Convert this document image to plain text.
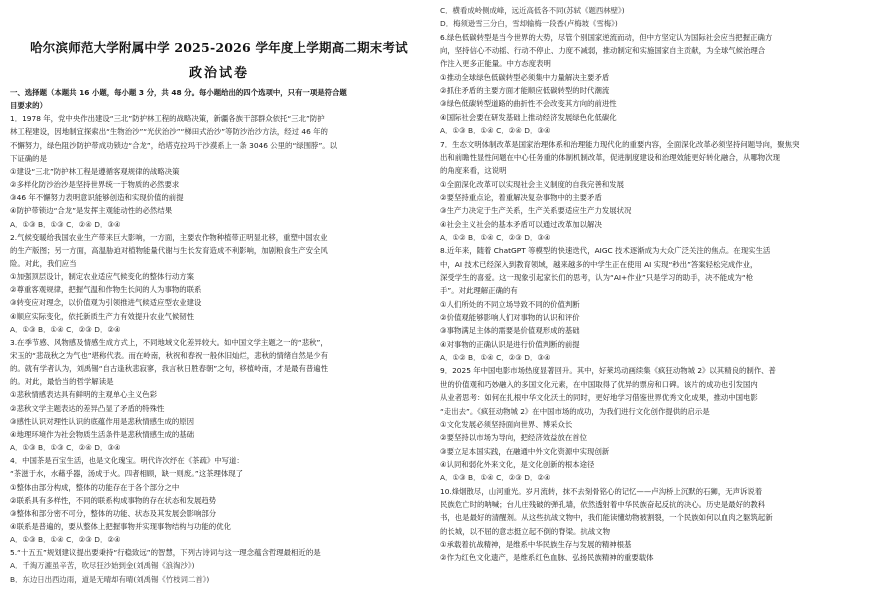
哈尔滨师范大学附属中学 2025-2026 学年度上学期高二期末考试
政治试卷
一、选择题（本题共 16 小题，每小题 3 分，共 48 分。每小题给出的四个选项中，只有一项是符合题
目要求的）
1．1978 年，党中央作出建设“三北”防护林工程的战略决策，新疆各族干部群众依托“三北”防护
林工程建设，因地制宜探索出“生物治沙”“光伏治沙”“梯田式治沙”等防沙治沙方法，经过 46 年的
不懈努力，绿色阻沙防护带成功锁边“合龙”，给塔克拉玛干沙漠系上一条 3046 公里的“绿围脖”。以
下证确的是
①建设“三北”防护林工程是遵循客观规律的战略决策
②多样化防沙治沙是坚持世界统一于物质的必然要求
③46 年不懈努力表明意识能够创造和实现价值的前提
④防护带锁边“合龙”是发挥主观能动性的必然结果
A．①③ B．①③ C．②④ D．③④
2.气候变暖给我国农业生产带来巨大影响，一方面，主要农作物种植带正明显北移，重塑中国农业
的生产版图；另一方面，高温胁迫对植物能量代谢与生长发育造成不利影响，加剧粮食生产安全风
险。对此，我们应当
①加强顶层设计，制定农业适应气候变化的整体行动方案
②尊重客观规律，把握气温和作物生长间的人为事物的联系
③转变应对理念，以价值观为引领推进气候适应型农业建设
④顺应实际变化，依托新质生产力有效提升农业气候韧性
A．①③ B．①④ C．②③ D．②④
3.在季节感、风物感及情感生成方式上，不同地域文化差异较大。如中国文学主题之一的“悲秋”，
宋玉的“悲哉秋之为气也”堪称代表。而在岭南，秋祝和春祝一般休旧灿烂，悲秋的情绪自然是少有
的。就有学者认为，刘禹锡“自古逢秋悲寂寥，我言秋日胜春朝”之句，移植岭南，才是最有普遍性
的。对此，最恰当的哲学解读是
①悲秋情感表达具有鲜明的主观单心主义色彩
②悲秋文学主题表达的差异凸显了矛盾的特殊性
③感性认识对理性认识的底蕴作用是悲秋情感生成的原因
④地理环境作为社会物质生活条件是悲秋情感生成的基础
A．①③ B．①③ C．②④ D．③④
4．中国茶是百宝生活，也是文化瑰宝。明代许次纾在《茶疏》中写道：
“茶滋于水，水藉乎器，汤成于火。四者相顾，缺一则废。”这茶理体现了
①整体由部分构成，整体的功能存在于各个部分之中
②联系具有多样性，不同的联系构成事物的存在状态和发展趋势
③整体和部分密不可分，整体的功能、状态及其发展会影响部分
④联系是普遍的，要从整体上把握事物并实现事物结构与功能的优化
A．①③ B．①④ C．②③ D．②④
5.“十五五”规划建议提出要秉持“行稳致远”的智慧，下列古诗词与这一理念蕴含哲理最相近的是
A．千淘万漉虽辛苦，吹尽狂沙始到金(刘禹锡《浪淘沙》)
B．东边日出西边雨，道是无晴却有晴(刘禹锡《竹枝词二首》)
C．横看成岭侧成峰，远近高低各不同(苏轼《题西林壁》)
D．梅须逊雪三分白，雪却输梅一段香(卢梅坡《雪梅》)
6.绿色低碳转型是当今世界的大势，尽管个别国家逆流而动，但中方坚定认为国际社会应当把握正确方
向，坚持信心不动摇、行动不停止、力度不减弱，推动制定和实施国家自主贡献，为全球气候治理合
作注入更多正能量。中方态度表明
①推动全球绿色低碳转型必须集中力量解决主要矛盾
②抓住矛盾的主要方面才能顺应低碳转型的时代潮流
③绿色低碳转型道路的曲折性不会改变其方向的前进性
④国际社会要在研发基础上推动经济发展绿色化低碳化
A．①③ B．①④ C．②④ D．③④
7．生态文明体制改革是国家治理体系和治理能力现代化的重要内容，全面深化改革必须坚持问题导向，聚焦突
出和前瞻性显性问题在中心任务重的体制机制改革，促进制度建设和治理效能更好转化融合，从哪物次现
的角度来看，这说明
①全面深化改革可以实现社会主义制度的自我完善和发展
②要坚持重点论，着重解决复杂事物中的主要矛盾
③生产力决定于生产关系，生产关系要适应生产力发展状况
④社会主义社会的基本矛盾可以通过改革加以解决
A．①② B．①④ C．②③ D．③④
8.近年来，随着 ChatGPT 等模型的快速迭代，AIGC 技术逐渐成为大众广泛关注的焦点。在现实生活
中，AI 技术已经深入到教育领域，越来越多的中学生正在使用 AI 实现“秒出”答案轻松完成作业，
深受学生的喜爱。这一现象引起家长们的思考，认为“AI+作业”只是学习的助手，决不能成为“枪
手”。对此理解正确的有
①人们所处的不同立场导致不同的价值判断
②价值观能够影响人们对事物的认识和评价
③事物满足主体的需要是价值观形成的基础
④对事物的正确认识是进行价值判断的前提
A．①② B．①④ C．②③ D．③④
9．2025 年中国电影市场热度显著回升。其中，好莱坞动画续集《疯狂动物城 2》以其精良的制作、普
世的价值观和巧妙融入的多国文化元素，在中国取得了优异的票房和口碑。该片的成功也引发国内
从业者思考：如何在扎根中华文化沃土的同时，更好地学习借鉴世界优秀文化成果，推动中国电影
“走出去”。《疯狂动物城 2》在中国市场的成功，为我们进行文化创作提供的启示是
①文化发展必须坚持面向世界、博采众长
②要坚持以市场为导向，把经济效益放在首位
③要立足本国实践，在融通中外文化资源中实现创新
④认同和弱化外来文化，是文化创新的根本途径
A．①③ B．①④ C．②③ D．②④
10.烽烟散尽，山河重光。岁月流转，抹不去刻骨铭心的记忆——卢沟桥上沉默的石狮，无声诉说着
民族危亡时的呐喊；台儿庄残破的弹孔墙，依然透射着中华民族奋起反抗的决心。历史是最好的教科
书，也是最好的清醒剂。从这些抗战文物中，我们能读懂幼物被割裂，一个民族如何以血肉之躯筑起新
的长城，以不屈的意志挺立起不倒的脊梁。抗战文物
①承载着抗战精神，是维系中华民族生存与发展的精神根基
②作为红色文化遗产，是维系红色血脉、弘扬民族精神的重要载体
